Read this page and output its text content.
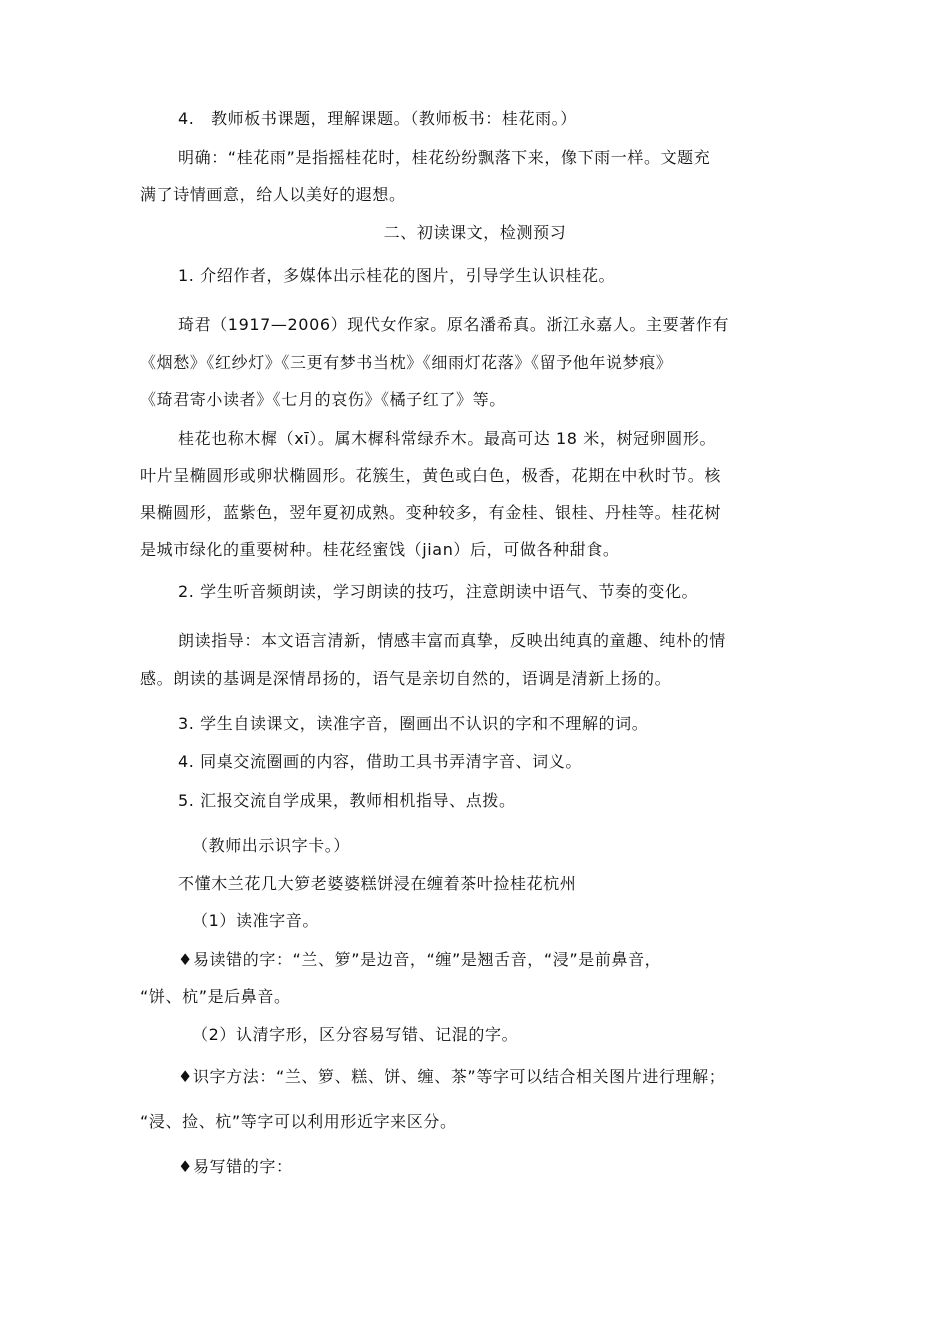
4.　教师板书课题，理解课题。（教师板书：桂花雨。）
明确：“桂花雨”是指摇桂花时，桂花纷纷飘落下来，像下雨一样。文题充
满了诗情画意，给人以美好的遐想。
二、初读课文，检测预习
1. 介绍作者，多媒体出示桂花的图片，引导学生认识桂花。
琦君（1917—2006）现代女作家。原名潘希真。浙江永嘉人。主要著作有
《烟愁》《红纱灯》《三更有梦书当枕》《细雨灯花落》《留予他年说梦痕》
《琦君寄小读者》《七月的哀伤》《橘子红了》等。
桂花也称木樨（xī）。属木樨科常绿乔木。最高可达 18 米，树冠卵圆形。
叶片呈椭圆形或卵状椭圆形。花簇生，黄色或白色，极香，花期在中秋时节。核
果椭圆形，蓝紫色，翌年夏初成熟。变种较多，有金桂、银桂、丹桂等。桂花树
是城市绿化的重要树种。桂花经蜜饯（jian）后，可做各种甜食。
2. 学生听音频朗读，学习朗读的技巧，注意朗读中语气、节奏的变化。
朗读指导：本文语言清新，情感丰富而真挚，反映出纯真的童趣、纯朴的情
感。朗读的基调是深情昂扬的，语气是亲切自然的，语调是清新上扬的。
3. 学生自读课文，读准字音，圈画出不认识的字和不理解的词。
4. 同桌交流圈画的内容，借助工具书弄清字音、词义。
5. 汇报交流自学成果，教师相机指导、点拨。
（教师出示识字卡。）
不懂木兰花几大箩老婆婆糕饼浸在缠着茶叶捡桂花杭州
（1）读准字音。
♦易读错的字：“兰、箩”是边音，“缠”是翘舌音，“浸”是前鼻音，
“饼、杭”是后鼻音。
（2）认清字形，区分容易写错、记混的字。
♦识字方法：“兰、箩、糕、饼、缠、茶”等字可以结合相关图片进行理解；
“浸、捡、杭”等字可以利用形近字来区分。
♦易写错的字：
